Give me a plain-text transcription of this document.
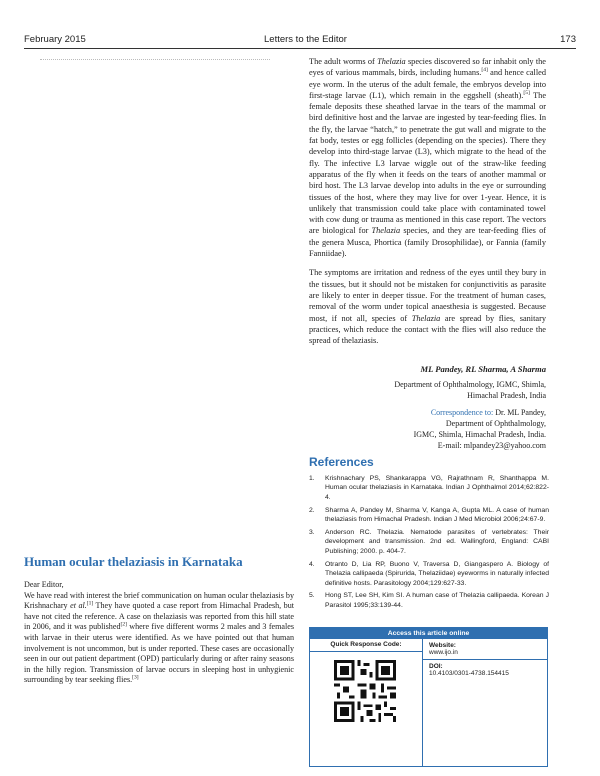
February 2015	Letters to the Editor	173

The adult worms of Thelazia species discovered so far inhabit only the eyes of various mammals, birds, including humans.[4] and hence called eye worm. In the uterus of the adult female, the embryos develop into first-stage larvae (L1), which remain in the eggshell (sheath).[5] The female deposits these sheathed larvae in the tears of the mammal or bird definitive host and the larvae are ingested by tear-feeding flies. In the fly, the larvae “hatch,” to penetrate the gut wall and migrate to the fat body, testes or egg follicles (depending on the species). There they develop into third-stage larvae (L3), which migrate to the head of the fly. The infective L3 larvae wiggle out of the straw-like feeding apparatus of the fly when it feeds on the tears of another mammal or bird host. The L3 larvae develop into adults in the eye or surrounding tissues of the host, where they may live for over 1-year. Hence, it is unlikely that transmission could take place with contaminated towel with cow dung or trauma as mentioned in this case report. The vectors are biological for Thelazia species, and they are tear-feeding flies of the genera Musca, Phortica (family Drosophilidae), or Fannia (family Fanniidae).

The symptoms are irritation and redness of the eyes until they bury in the tissues, but it should not be mistaken for conjunctivitis as parasite are likely to enter in deeper tissue. For the treatment of human cases, removal of the worm under topical anaesthesia is suggested. Because most, if not all, species of Thelazia are spread by flies, sanitary practices, which reduce the contact with the flies will also reduce the spread of thelaziasis.

ML Pandey, RL Sharma, A Sharma
Department of Ophthalmology, IGMC, Shimla,
Himachal Pradesh, India
Correspondence to: Dr. ML Pandey,
Department of Ophthalmology,
IGMC, Shimla, Himachal Pradesh, India.
E-mail: mlpandey23@yahoo.com
References
1. Krishnachary PS, Shankarappa VG, Rajrathnam R, Shanthappa M. Human ocular thelaziasis in Karnataka. Indian J Ophthalmol 2014;62:822-4.
2. Sharma A, Pandey M, Sharma V, Kanga A, Gupta ML. A case of human thelaziasis from Himachal Pradesh. Indian J Med Microbiol 2006;24:67-9.
3. Anderson RC. Thelazia. Nematode parasites of vertebrates: Their development and transmission. 2nd ed. Wallingford, England: CABI Publishing; 2000. p. 404-7.
4. Otranto D, Lia RP, Buono V, Traversa D, Giangaspero A. Biology of Thelazia callipaeda (Spirurida, Thelaziidae) eyeworms in naturally infected definitive hosts. Parasitology 2004;129:627-33.
5. Hong ST, Lee SH, Kim SI. A human case of Thelazia callipaeda. Korean J Parasitol 1995;33:139-44.
Access this article online
Quick Response Code:	Website:
www.ijo.in
DOI:
10.4103/0301-4738.154415
Human ocular thelaziasis in Karnataka

Dear Editor,

We have read with interest the brief communication on human ocular thelaziasis by Krishnachary et al.[1] They have quoted a case report from Himachal Pradesh, but have not cited the reference. A case on thelaziasis was reported from this hill state in 2006, and it was published[2] where five different worms 2 males and 3 females with larvae in their uterus were identified. As we have pointed out that human involvement is not uncommon, but is under reported. These cases are occasionally seen in our out patient department (OPD) particularly during or after rainy seasons in the hilly region. Transmission of larvae occurs in sleeping host in unhygienic surrounding by tear seeking flies.[3]
